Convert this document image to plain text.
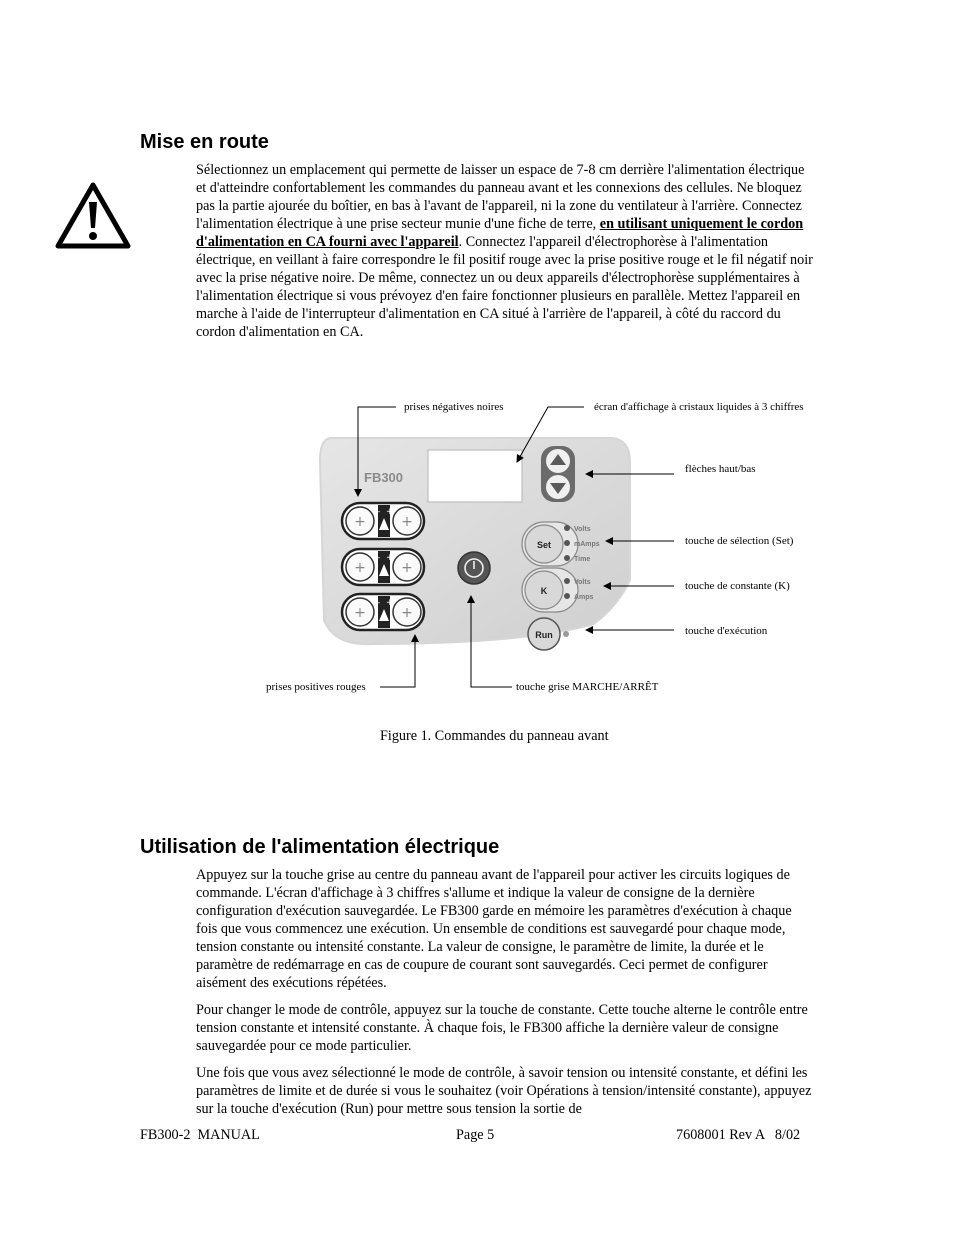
Mise en route

Sélectionnez un emplacement qui permette de laisser un espace de 7-8 cm derrière l'alimentation électrique et d'atteindre confortablement les commandes du panneau avant et les connexions des cellules. Ne bloquez pas la partie ajourée du boîtier, en bas à l'avant de l'appareil, ni la zone du ventilateur à l'arrière. Connectez l'alimentation électrique à une prise secteur munie d'une fiche de terre, en utilisant uniquement le cordon d'alimentation en CA fourni avec l'appareil. Connectez l'appareil d'électrophorèse à l'alimentation électrique, en veillant à faire correspondre le fil positif rouge avec la prise positive rouge et le fil négatif noir avec la prise négative noire. De même, connectez un ou deux appareils d'électrophorèse supplémentaires à l'alimentation électrique si vous prévoyez d'en faire fonctionner plusieurs en parallèle. Mettez l'appareil en marche à l'aide de l'interrupteur d'alimentation en CA situé à l'arrière de l'appareil, à côté du raccord du cordon d'alimentation en CA.

FB300
+	+
– +
+	+
– +
+	+
– +
Set
Volts
mAmps
Time
K
Volts
Amps
Run
prises négatives noires	écran d'affichage à cristaux liquides à 3 chiffres
flèches haut/bas
touche de sélection (Set)
touche de constante (K)
touche d'exécution
prises positives rouges	touche grise MARCHE/ARRÊT
Figure 1. Commandes du panneau avant
Utilisation de l'alimentation électrique

Appuyez sur la touche grise au centre du panneau avant de l'appareil pour activer les circuits logiques de commande. L'écran d'affichage à 3 chiffres s'allume et indique la valeur de consigne de la dernière configuration d'exécution sauvegardée. Le FB300 garde en mémoire les paramètres d'exécution à chaque fois que vous commencez une exécution. Un ensemble de conditions est sauvegardé pour chaque mode, tension constante ou intensité constante. La valeur de consigne, le paramètre de limite, la durée et le paramètre de redémarrage en cas de coupure de courant sont sauvegardés. Ceci permet de configurer aisément des exécutions répétées.

Pour changer le mode de contrôle, appuyez sur la touche de constante. Cette touche alterne le contrôle entre tension constante et intensité constante. À chaque fois, le FB300 affiche la dernière valeur de consigne sauvegardée pour ce mode particulier.

Une fois que vous avez sélectionné le mode de contrôle, à savoir tension ou intensité constante, et défini les paramètres de limite et de durée si vous le souhaitez (voir Opérations à tension/intensité constante), appuyez sur la touche d'exécution (Run) pour mettre sous tension la sortie de

FB300-2  MANUAL	Page 5	7608001 Rev A   8/02
